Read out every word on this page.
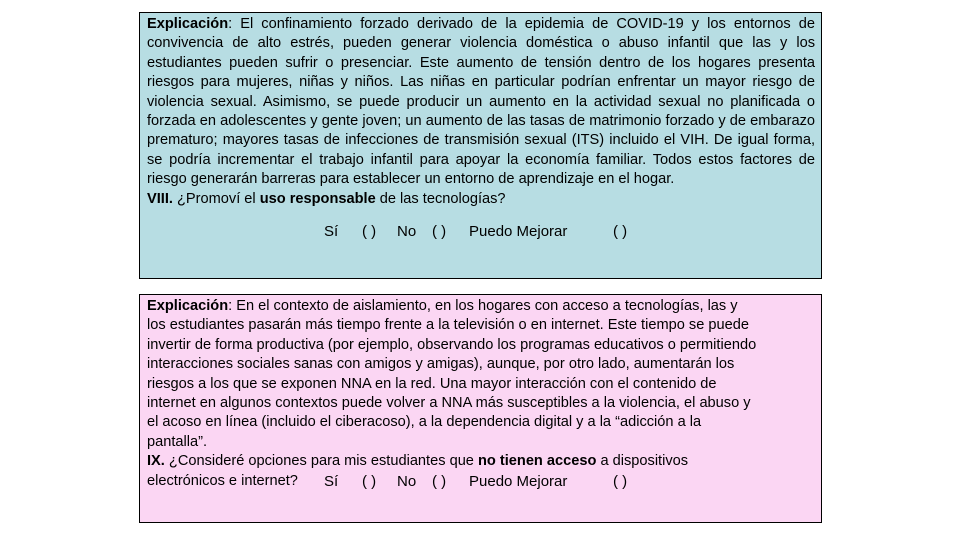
Explicación: El confinamiento forzado derivado de la epidemia de COVID-19 y los entornos de convivencia de alto estrés, pueden generar violencia doméstica o abuso infantil que las y los estudiantes pueden sufrir o presenciar. Este aumento de tensión dentro de los hogares presenta riesgos para mujeres, niñas y niños. Las niñas en particular podrían enfrentar un mayor riesgo de violencia sexual. Asimismo, se puede producir un aumento en la actividad sexual no planificada o forzada en adolescentes y gente joven; un aumento de las tasas de matrimonio forzado y de embarazo prematuro; mayores tasas de infecciones de transmisión sexual (ITS) incluido el VIH. De igual forma, se podría incrementar el trabajo infantil para apoyar la economía familiar. Todos estos factores de riesgo generarán barreras para establecer un entorno de aprendizaje en el hogar.

VIII. ¿Promoví el uso responsable de las tecnologías?

Sí ( ) No ( ) Puedo Mejorar	( )
Explicación: En el contexto de aislamiento, en los hogares con acceso a tecnologías, las y
los estudiantes pasarán más tiempo frente a la televisión o en internet. Este tiempo se puede
invertir de forma productiva (por ejemplo, observando los programas educativos o permitiendo
interacciones sociales sanas con amigos y amigas), aunque, por otro lado, aumentarán los
riesgos a los que se exponen NNA en la red. Una mayor interacción con el contenido de
internet en algunos contextos puede volver a NNA más susceptibles a la violencia, el abuso y
el acoso en línea (incluido el ciberacoso), a la dependencia digital y a la “adicción a la
pantalla”.

IX. ¿Consideré opciones para mis estudiantes que no tienen acceso a dispositivos

electrónicos e internet?	Sí ( ) No ( ) Puedo Mejorar	( )
